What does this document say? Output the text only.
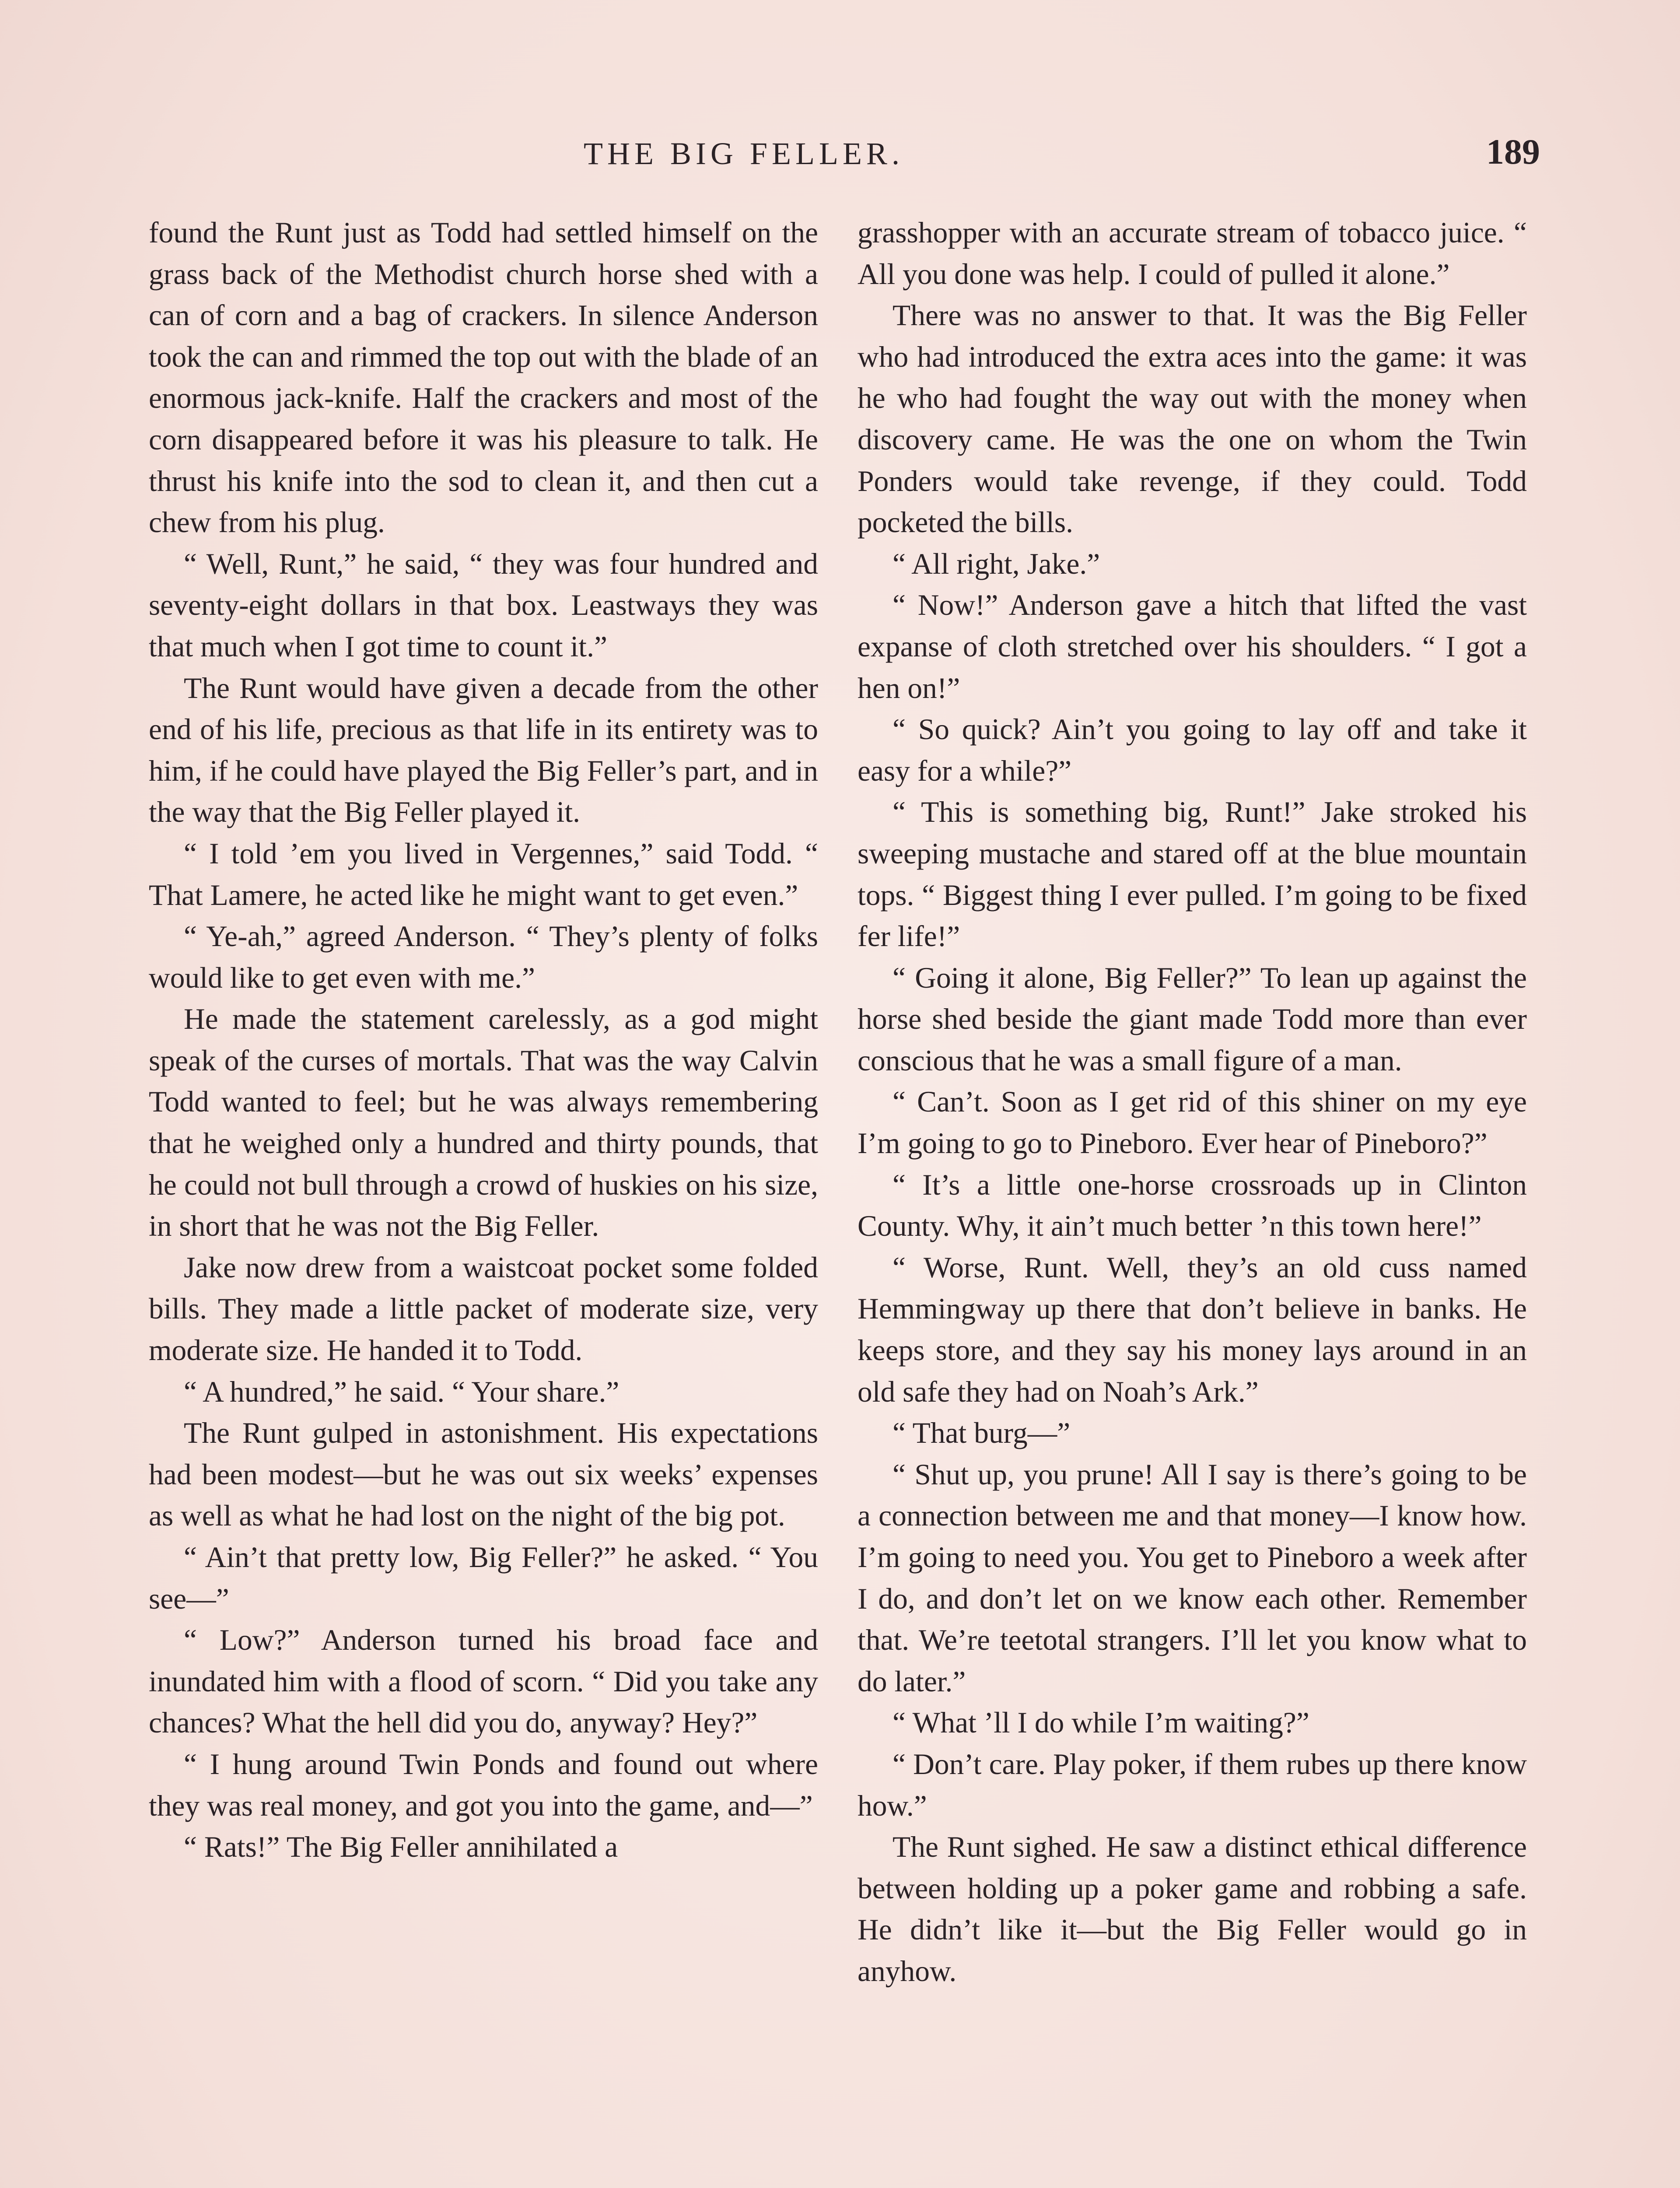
THE BIG FELLER.	189

found the Runt just as Todd had settled himself on the grass back of the Methodist church horse shed with a can of corn and a bag of crackers. In silence Anderson took the can and rimmed the top out with the blade of an enormous jack-knife. Half the crackers and most of the corn disappeared before it was his pleasure to talk. He thrust his knife into the sod to clean it, and then cut a chew from his plug.

“ Well, Runt,” he said, “ they was four hundred and seventy-eight dollars in that box. Leastways they was that much when I got time to count it.”

The Runt would have given a decade from the other end of his life, precious as that life in its entirety was to him, if he could have played the Big Feller’s part, and in the way that the Big Feller played it.

“ I told ’em you lived in Vergennes,” said Todd. “ That Lamere, he acted like he might want to get even.”

“ Ye-ah,” agreed Anderson. “ They’s plenty of folks would like to get even with me.”

He made the statement carelessly, as a god might speak of the curses of mortals. That was the way Calvin Todd wanted to feel; but he was always remembering that he weighed only a hundred and thirty pounds, that he could not bull through a crowd of huskies on his size, in short that he was not the Big Feller.

Jake now drew from a waistcoat pocket some folded bills. They made a little packet of moderate size, very moderate size. He handed it to Todd.

“ A hundred,” he said. “ Your share.”

The Runt gulped in astonishment. His expectations had been modest—but he was out six weeks’ expenses as well as what he had lost on the night of the big pot.

“ Ain’t that pretty low, Big Feller?” he asked. “ You see—”

“ Low?” Anderson turned his broad face and inundated him with a flood of scorn. “ Did you take any chances? What the hell did you do, anyway? Hey?”

“ I hung around Twin Ponds and found out where they was real money, and got you into the game, and—”

“ Rats!” The Big Feller annihilated a

grasshopper with an accurate stream of tobacco juice. “ All you done was help. I could of pulled it alone.”

There was no answer to that. It was the Big Feller who had introduced the extra aces into the game: it was he who had fought the way out with the money when discovery came. He was the one on whom the Twin Ponders would take revenge, if they could. Todd pocketed the bills.

“ All right, Jake.”

“ Now!” Anderson gave a hitch that lifted the vast expanse of cloth stretched over his shoulders. “ I got a hen on!”

“ So quick? Ain’t you going to lay off and take it easy for a while?”

“ This is something big, Runt!” Jake stroked his sweeping mustache and stared off at the blue mountain tops. “ Biggest thing I ever pulled. I’m going to be fixed fer life!”

“ Going it alone, Big Feller?” To lean up against the horse shed beside the giant made Todd more than ever conscious that he was a small figure of a man.

“ Can’t. Soon as I get rid of this shiner on my eye I’m going to go to Pineboro. Ever hear of Pineboro?”

“ It’s a little one-horse crossroads up in Clinton County. Why, it ain’t much better ’n this town here!”

“ Worse, Runt. Well, they’s an old cuss named Hemmingway up there that don’t believe in banks. He keeps store, and they say his money lays around in an old safe they had on Noah’s Ark.”

“ That burg—”

“ Shut up, you prune! All I say is there’s going to be a connection between me and that money—I know how. I’m going to need you. You get to Pineboro a week after I do, and don’t let on we know each other. Remember that. We’re teetotal strangers. I’ll let you know what to do later.”

“ What ’ll I do while I’m waiting?”

“ Don’t care. Play poker, if them rubes up there know how.”

The Runt sighed. He saw a distinct ethical difference between holding up a poker game and robbing a safe. He didn’t like it—but the Big Feller would go in anyhow.
